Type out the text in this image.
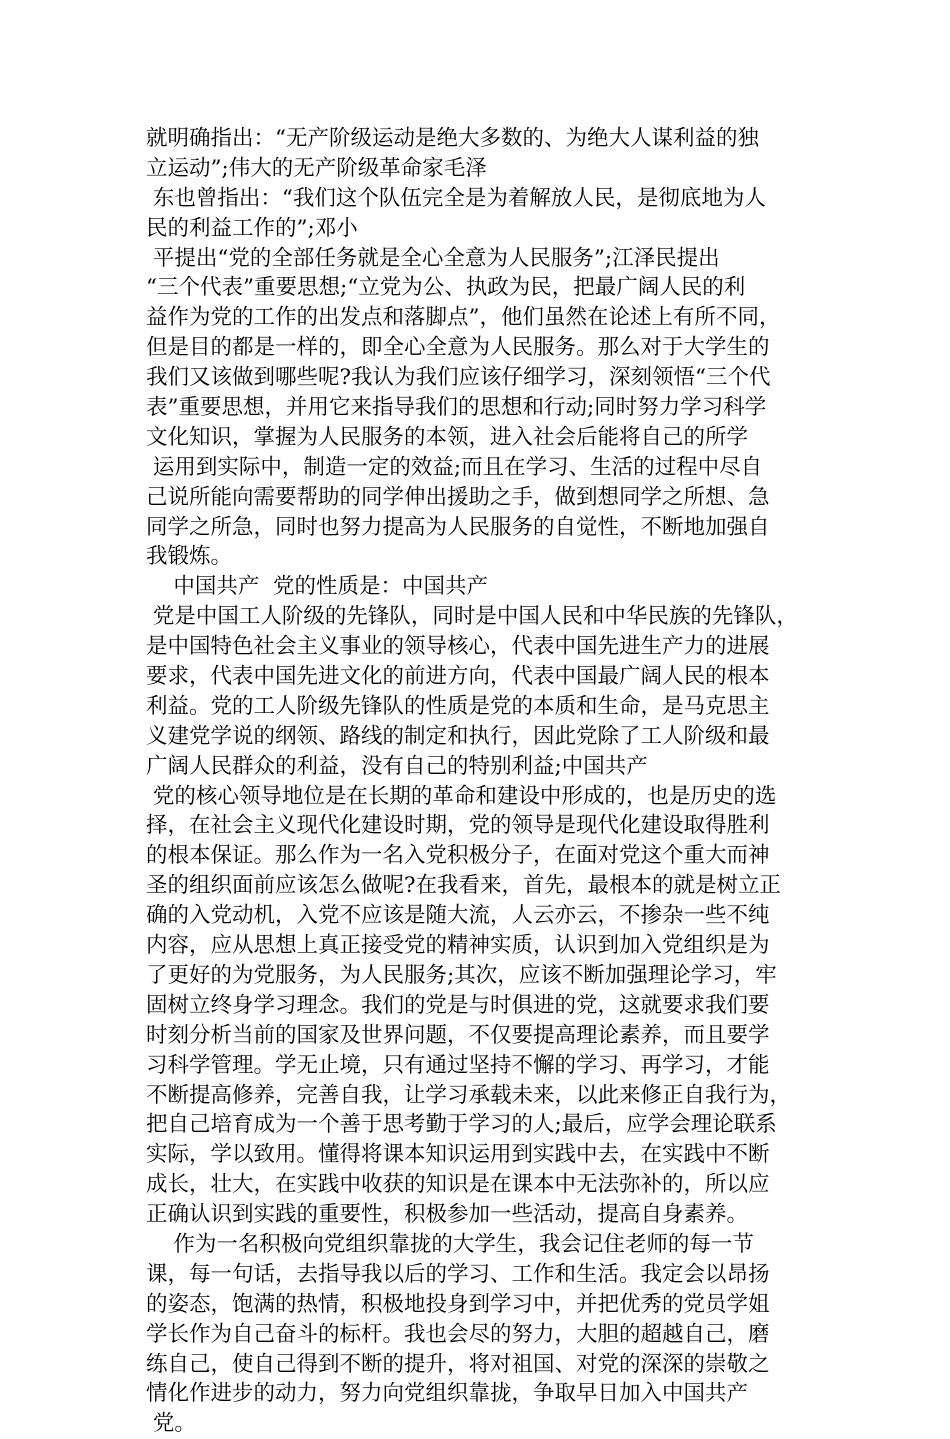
就明确指出：“无产阶级运动是绝大多数的、为绝大人谋利益的独

立运动”;伟大的无产阶级革命家毛泽

东也曾指出：“我们这个队伍完全是为着解放人民，是彻底地为人

民的利益工作的”;邓小

平提出“党的全部任务就是全心全意为人民服务”;江泽民提出

“三个代表”重要思想;“立党为公、执政为民，把最广阔人民的利

益作为党的工作的出发点和落脚点”，他们虽然在论述上有所不同，

但是目的都是一样的，即全心全意为人民服务。那么对于大学生的

我们又该做到哪些呢?我认为我们应该仔细学习，深刻领悟“三个代

表”重要思想，并用它来指导我们的思想和行动;同时努力学习科学

文化知识，掌握为人民服务的本领，进入社会后能将自己的所学

运用到实际中，制造一定的效益;而且在学习、生活的过程中尽自

己说所能向需要帮助的同学伸出援助之手，做到想同学之所想、急

同学之所急，同时也努力提高为人民服务的自觉性，不断地加强自

我锻炼。

中国共产  党的性质是：中国共产

党是中国工人阶级的先锋队，同时是中国人民和中华民族的先锋队，

是中国特色社会主义事业的领导核心，代表中国先进生产力的进展

要求，代表中国先进文化的前进方向，代表中国最广阔人民的根本

利益。党的工人阶级先锋队的性质是党的本质和生命，是马克思主

义建党学说的纲领、路线的制定和执行，因此党除了工人阶级和最

广阔人民群众的利益，没有自己的特别利益;中国共产

党的核心领导地位是在长期的革命和建设中形成的，也是历史的选

择，在社会主义现代化建设时期，党的领导是现代化建设取得胜利

的根本保证。那么作为一名入党积极分子，在面对党这个重大而神

圣的组织面前应该怎么做呢?在我看来，首先，最根本的就是树立正

确的入党动机，入党不应该是随大流，人云亦云，不掺杂一些不纯

内容，应从思想上真正接受党的精神实质，认识到加入党组织是为

了更好的为党服务，为人民服务;其次，应该不断加强理论学习，牢

固树立终身学习理念。我们的党是与时俱进的党，这就要求我们要

时刻分析当前的国家及世界问题，不仅要提高理论素养，而且要学

习科学管理。学无止境，只有通过坚持不懈的学习、再学习，才能

不断提高修养，完善自我，让学习承载未来，以此来修正自我行为，

把自己培育成为一个善于思考勤于学习的人;最后，应学会理论联系

实际，学以致用。懂得将课本知识运用到实践中去，在实践中不断

成长，壮大，在实践中收获的知识是在课本中无法弥补的，所以应

正确认识到实践的重要性，积极参加一些活动，提高自身素养。

作为一名积极向党组织靠拢的大学生，我会记住老师的每一节

课，每一句话，去指导我以后的学习、工作和生活。我定会以昂扬

的姿态，饱满的热情，积极地投身到学习中，并把优秀的党员学姐

学长作为自己奋斗的标杆。我也会尽的努力，大胆的超越自己，磨

练自己，使自己得到不断的提升，将对祖国、对党的深深的崇敬之

情化作进步的动力，努力向党组织靠拢，争取早日加入中国共产

党。
